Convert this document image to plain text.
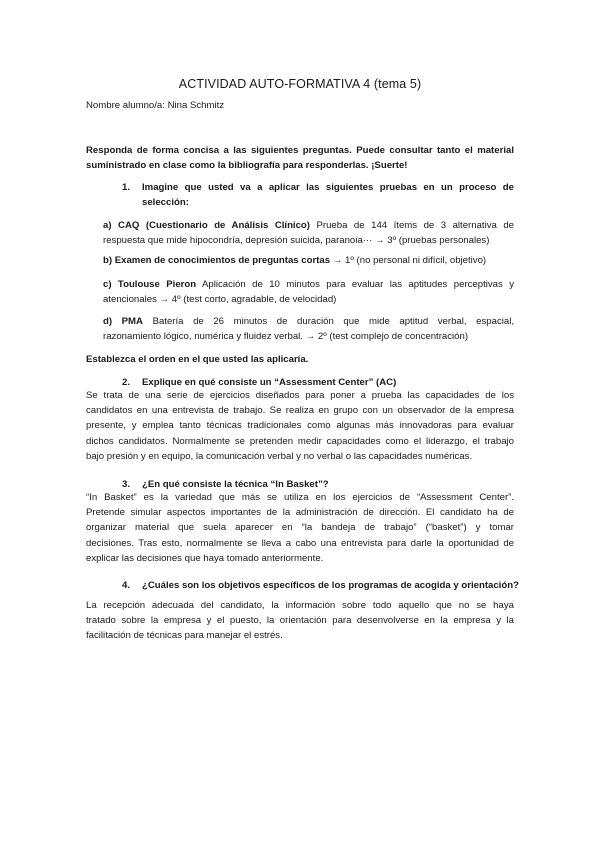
ACTIVIDAD AUTO-FORMATIVA 4 (tema 5)
Nombre alumno/a: Nina Schmitz
Responda de forma concisa a las siguientes preguntas. Puede consultar tanto el material
suministrado en clase como la bibliografía para responderlas. ¡Suerte!
1. Imagine que usted va a aplicar las siguientes pruebas en un proceso de
selección:
a) CAQ (Cuestionario de Análisis Clínico) Prueba de 144 ítems de 3 alternativa de
respuesta que mide hipocondría, depresión suicida, paranoia··· → 3º (pruebas personales)
b) Examen de conocimientos de preguntas cortas → 1º (no personal ni difícil, objetivo)
c) Toulouse Pieron Aplicación de 10 minutos para evaluar las aptitudes perceptivas y
atencionales → 4º (test corto, agradable, de velocidad)
d) PMA Batería de 26 minutos de duración que mide aptitud verbal, espacial,
razonamiento lógico, numérica y fluidez verbal. → 2º (test complejo de concentración)
Establezca el orden en el que usted las aplicaría.
2. Explique en qué consiste un “Assessment Center” (AC)
Se trata de una serie de ejercicios diseñados para poner a prueba las capacidades de los
candidatos en una entrevista de trabajo. Se realiza en grupo con un observador de la empresa
presente, y emplea tanto técnicas tradicionales como algunas más innovadoras para evaluar
dichos candidatos. Normalmente se pretenden medir capacidades como el liderazgo, el trabajo
bajo presión y en equipo, la comunicación verbal y no verbal o las capacidades numéricas.
3. ¿En qué consiste la técnica “In Basket”?
“In Basket” es la variedad que más se utiliza en los ejercicios de “Assessment Center”.
Pretende simular aspectos importantes de la administración de dirección. El candidato ha de
organizar material que suela aparecer en “la bandeja de trabajo” (“basket”) y tomar
decisiones. Tras esto, normalmente se lleva a cabo una entrevista para darle la oportunidad de
explicar las decisiones que haya tomado anteriormente.
4. ¿Cuáles son los objetivos específicos de los programas de acogida y orientación?
La recepción adecuada del candidato, la información sobre todo aquello que no se haya
tratado sobre la empresa y el puesto, la orientación para desenvolverse en la empresa y la
facilitación de técnicas para manejar el estrés.
